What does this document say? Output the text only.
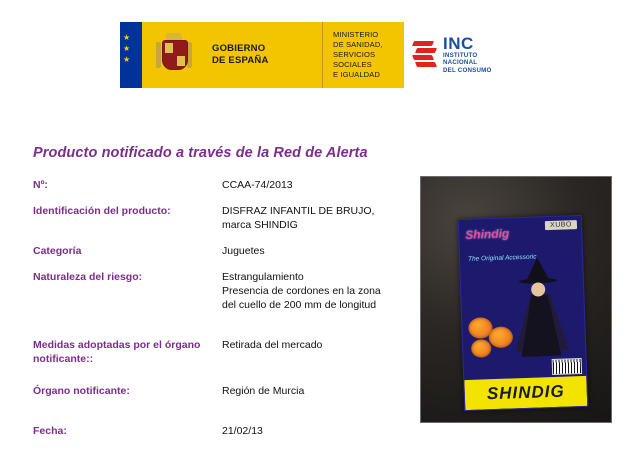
★
★
★
GOBIERNO
DE ESPAÑA
MINISTERIO
DE SANIDAD, SERVICIOS SOCIALES
E IGUALDAD
INC
INSTITUTO
NACIONAL
DEL CONSUMO
Producto notificado a través de la Red de Alerta
Nº:	CCAA-74/2013
Identificación del producto:	DISFRAZ INFANTIL DE BRUJO,
marca SHINDIG
Categoría	Juguetes
Naturaleza del riesgo:	Estrangulamiento
Presencia de cordones en la zona
del cuello de 200 mm de longitud
Medidas adoptadas por el órgano notificante::
Retirada del mercado
Órgano notificante:	Región de Murcia
Fecha:	21/02/13
XUBO
Shindig
The Original Accessoric
SHINDIG
